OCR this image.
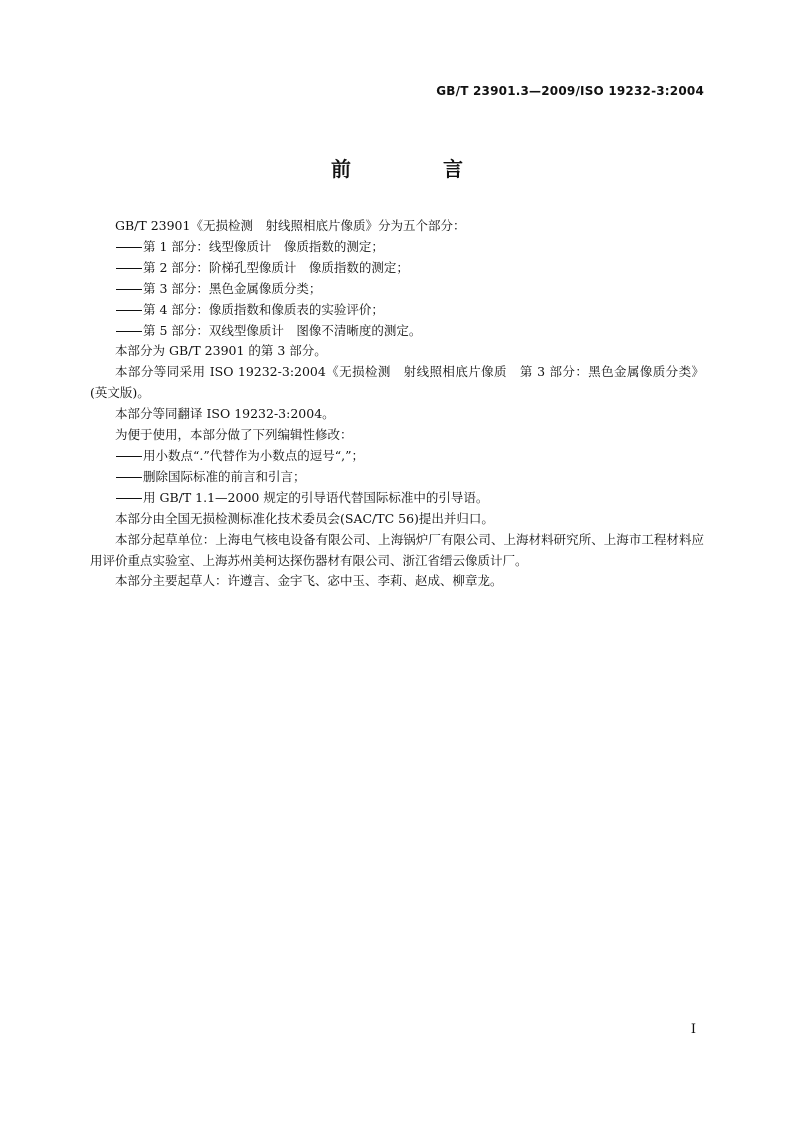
GB/T 23901.3—2009/ISO 19232-3:2004
前　言

GB/T 23901《无损检测　射线照相底片像质》分为五个部分：

第 1 部分：线型像质计　像质指数的测定；

第 2 部分：阶梯孔型像质计　像质指数的测定；

第 3 部分：黑色金属像质分类；

第 4 部分：像质指数和像质表的实验评价；

第 5 部分：双线型像质计　图像不清晰度的测定。

本部分为 GB/T 23901 的第 3 部分。

本部分等同采用 ISO 19232-3:2004《无损检测　射线照相底片像质　第 3 部分：黑色金属像质分类》(英文版)。

本部分等同翻译 ISO 19232-3:2004。

为便于使用，本部分做了下列编辑性修改：

用小数点“.”代替作为小数点的逗号“,”；

删除国际标准的前言和引言；

用 GB/T 1.1—2000 规定的引导语代替国际标准中的引导语。

本部分由全国无损检测标准化技术委员会(SAC/TC 56)提出并归口。

本部分起草单位：上海电气核电设备有限公司、上海锅炉厂有限公司、上海材料研究所、上海市工程材料应用评价重点实验室、上海苏州美柯达探伤器材有限公司、浙江省缙云像质计厂。

本部分主要起草人：许遵言、金宇飞、宓中玉、李莉、赵成、柳章龙。

I
